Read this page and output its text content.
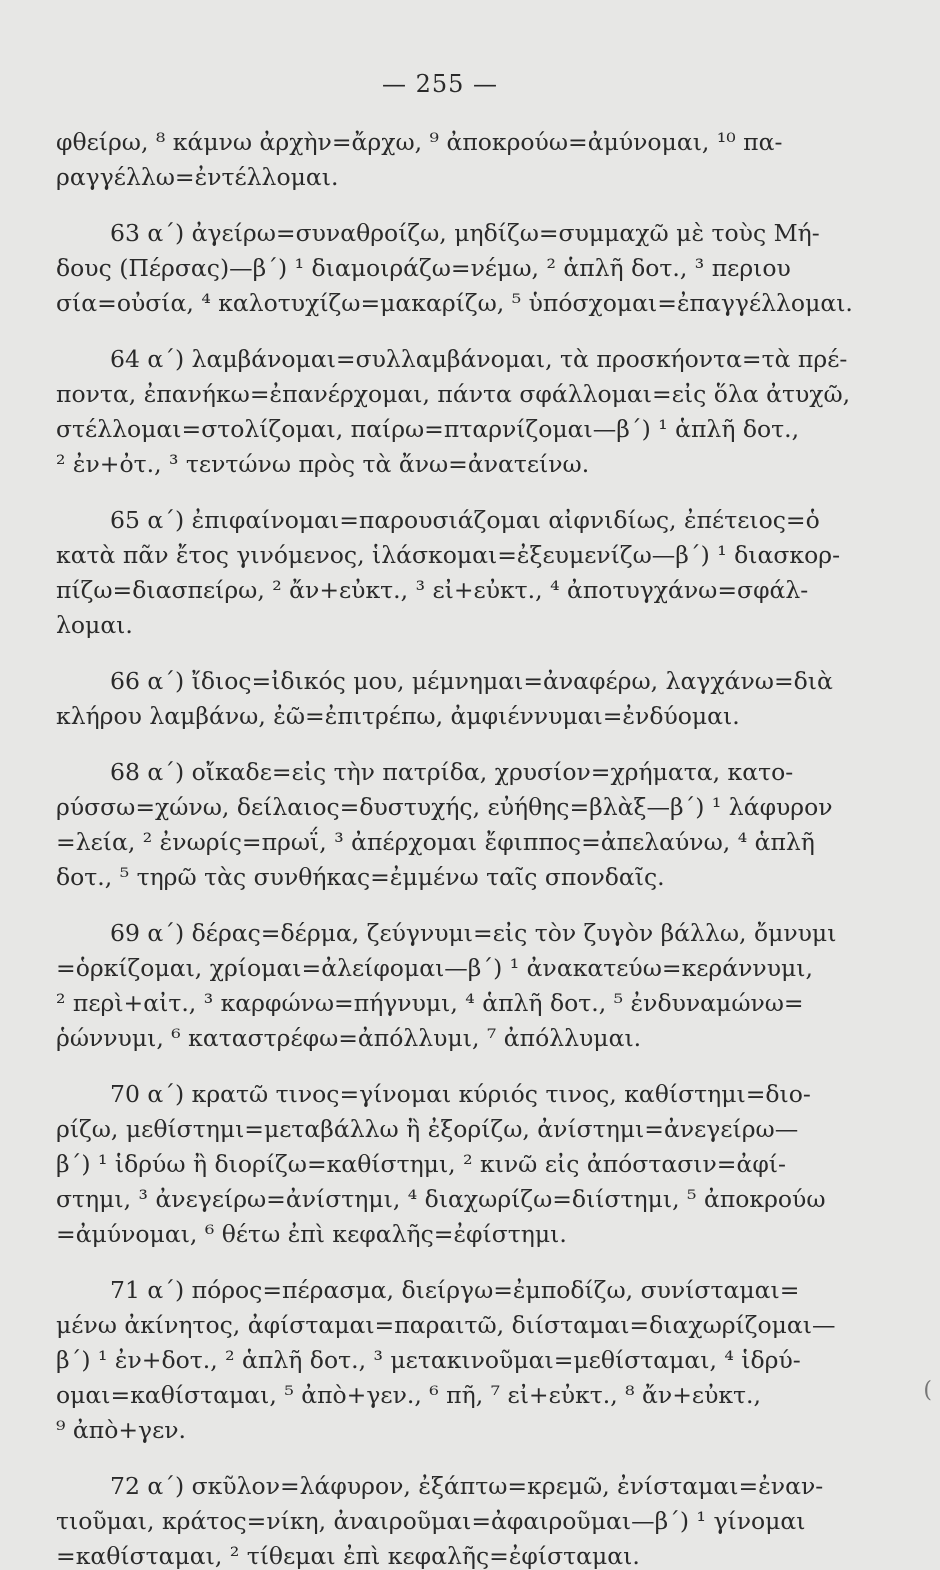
— 255 —
φθείρω, ⁸ κάμνω ἀρχὴν=ἄρχω, ⁹ ἀποκρούω=ἀμύνομαι, ¹⁰ πα-
ραγγέλλω=ἐντέλλομαι.
63 α΄) ἀγείρω=συναθροίζω, μηδίζω=συμμαχῶ μὲ τοὺς Μή-
δους (Πέρσας)—β΄) ¹ διαμοιράζω=νέμω, ² ἁπλῆ δοτ., ³ περιου
σία=οὐσία, ⁴ καλοτυχίζω=μακαρίζω, ⁵ ὑπόσχομαι=ἐπαγγέλλομαι.
64 α΄) λαμβάνομαι=συλλαμβάνομαι, τὰ προσκήοντα=τὰ πρέ-
ποντα, ἐπανήκω=ἐπανέρχομαι, πάντα σφάλλομαι=εἰς ὅλα ἀτυχῶ,
στέλλομαι=στολίζομαι, παίρω=πταρνίζομαι—β΄) ¹ ἁπλῆ δοτ.,
² ἐν+ὀτ., ³ τεντώνω πρὸς τὰ ἄνω=ἀνατείνω.
65 α΄) ἐπιφαίνομαι=παρουσιάζομαι αἰφνιδίως, ἐπέτειος=ὁ
κατὰ πᾶν ἔτος γινόμενος, ἱλάσκομαι=ἐξευμενίζω—β΄) ¹ διασκορ-
πίζω=διασπείρω, ² ἄν+εὐκτ., ³ εἰ+εὐκτ., ⁴ ἀποτυγχάνω=σφάλ-
λομαι.
66 α΄) ἴδιος=ἰδικός μου, μέμνημαι=ἀναφέρω, λαγχάνω=διὰ
κλήρου λαμβάνω, ἐῶ=ἐπιτρέπω, ἀμφιέννυμαι=ἐνδύομαι.
68 α΄) οἴκαδε=εἰς τὴν πατρίδα, χρυσίον=χρήματα, κατο-
ρύσσω=χώνω, δείλαιος=δυστυχής, εὐήθης=βλὰξ—β΄) ¹ λάφυρον
=λεία, ² ἐνωρίς=πρωΐ, ³ ἀπέρχομαι ἔφιππος=ἀπελαύνω, ⁴ ἁπλῆ
δοτ., ⁵ τηρῶ τὰς συνθήκας=ἐμμένω ταῖς σπονδαῖς.
69 α΄) δέρας=δέρμα, ζεύγνυμι=εἰς τὸν ζυγὸν βάλλω, ὄμνυμι
=ὁρκίζομαι, χρίομαι=ἀλείφομαι—β΄) ¹ ἀνακατεύω=κεράννυμι,
² περὶ+αἰτ., ³ καρφώνω=πήγνυμι, ⁴ ἁπλῆ δοτ., ⁵ ἐνδυναμώνω=
ῥώννυμι, ⁶ καταστρέφω=ἀπόλλυμι, ⁷ ἀπόλλυμαι.
70 α΄) κρατῶ τινος=γίνομαι κύριός τινος, καθίστημι=διο-
ρίζω, μεθίστημι=μεταβάλλω ἢ ἐξορίζω, ἀνίστημι=ἀνεγείρω—
β΄) ¹ ἱδρύω ἢ διορίζω=καθίστημι, ² κινῶ εἰς ἀπόστασιν=ἀφί-
στημι, ³ ἀνεγείρω=ἀνίστημι, ⁴ διαχωρίζω=διίστημι, ⁵ ἀποκρούω
=ἀμύνομαι, ⁶ θέτω ἐπὶ κεφαλῆς=ἐφίστημι.
71 α΄) πόρος=πέρασμα, διείργω=ἐμποδίζω, συνίσταμαι=
μένω ἀκίνητος, ἀφίσταμαι=παραιτῶ, διίσταμαι=διαχωρίζομαι—
β΄) ¹ ἐν+δοτ., ² ἁπλῆ δοτ., ³ μετακινοῦμαι=μεθίσταμαι, ⁴ ἱδρύ-
ομαι=καθίσταμαι, ⁵ ἀπὸ+γεν., ⁶ πῆ, ⁷ εἰ+εὐκτ., ⁸ ἄν+εὐκτ.,
⁹ ἀπὸ+γεν.
72 α΄) σκῦλον=λάφυρον, ἐξάπτω=κρεμῶ, ἐνίσταμαι=ἐναν-
τιοῦμαι, κράτος=νίκη, ἀναιροῦμαι=ἀφαιροῦμαι—β΄) ¹ γίνομαι
=καθίσταμαι, ² τίθεμαι ἐπὶ κεφαλῆς=ἐφίσταμαι.
(
